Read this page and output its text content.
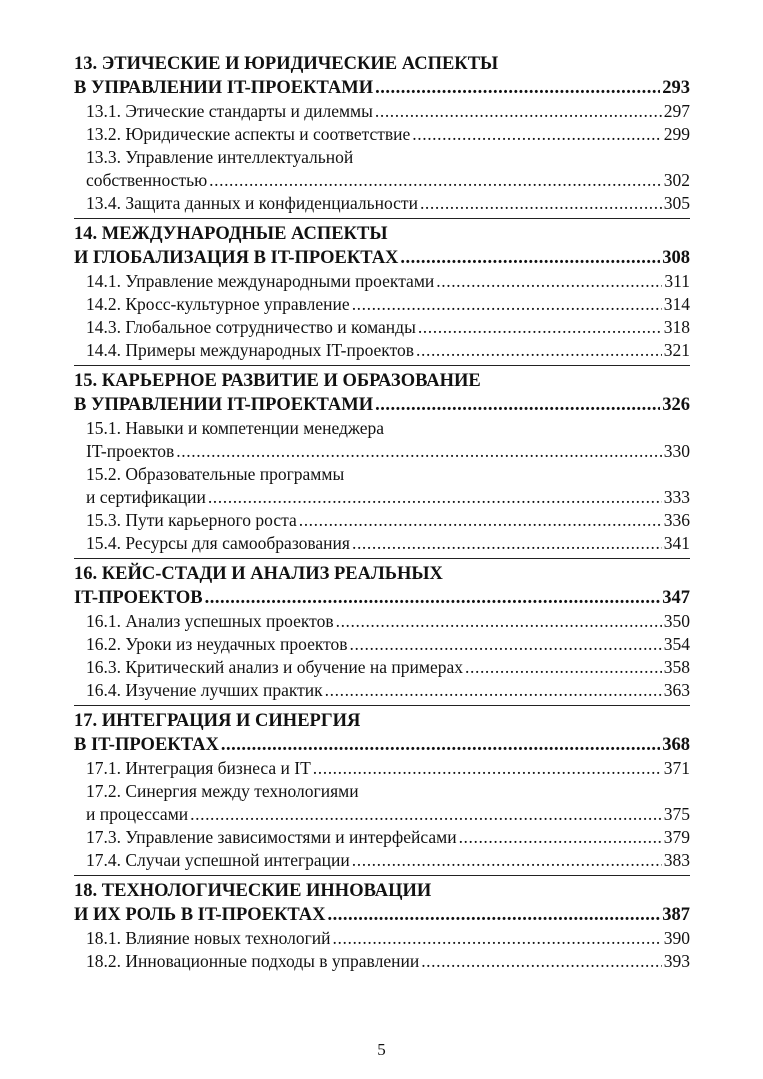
13. ЭТИЧЕСКИЕ И ЮРИДИЧЕСКИЕ АСПЕКТЫ
В УПРАВЛЕНИИ IT-ПРОЕКТАМИ .....	293
13.1. Этические стандарты и дилеммы .....	297
13.2. Юридические аспекты и соответствие .....	299
13.3. Управление интеллектуальной
собственностью .....	302
13.4. Защита данных и конфиденциальности .....	305
14. МЕЖДУНАРОДНЫЕ АСПЕКТЫ
И ГЛОБАЛИЗАЦИЯ В IT-ПРОЕКТАХ .....	308
14.1. Управление международными проектами .....	311
14.2. Кросс-культурное управление .....	314
14.3. Глобальное сотрудничество и команды .....	318
14.4. Примеры международных IT-проектов .....	321
15. КАРЬЕРНОЕ РАЗВИТИЕ И ОБРАЗОВАНИЕ
В УПРАВЛЕНИИ IT-ПРОЕКТАМИ .....	326
15.1. Навыки и компетенции менеджера
IT-проектов .....	330
15.2. Образовательные программы
и сертификации .....	333
15.3. Пути карьерного роста .....	336
15.4. Ресурсы для самообразования .....	341
16. КЕЙС-СТАДИ И АНАЛИЗ РЕАЛЬНЫХ
IT-ПРОЕКТОВ .....	347
16.1. Анализ успешных проектов .....	350
16.2. Уроки из неудачных проектов .....	354
16.3. Критический анализ и обучение на примерах .....	358
16.4. Изучение лучших практик .....	363
17. ИНТЕГРАЦИЯ И СИНЕРГИЯ
В IT-ПРОЕКТАХ .....	368
17.1. Интеграция бизнеса и IT .....	371
17.2. Синергия между технологиями
и процессами .....	375
17.3. Управление зависимостями и интерфейсами .....	379
17.4. Случаи успешной интеграции .....	383
18. ТЕХНОЛОГИЧЕСКИЕ ИННОВАЦИИ
И ИХ РОЛЬ В IT-ПРОЕКТАХ .....	387
18.1. Влияние новых технологий .....	390
18.2. Инновационные подходы в управлении .....	393
5
